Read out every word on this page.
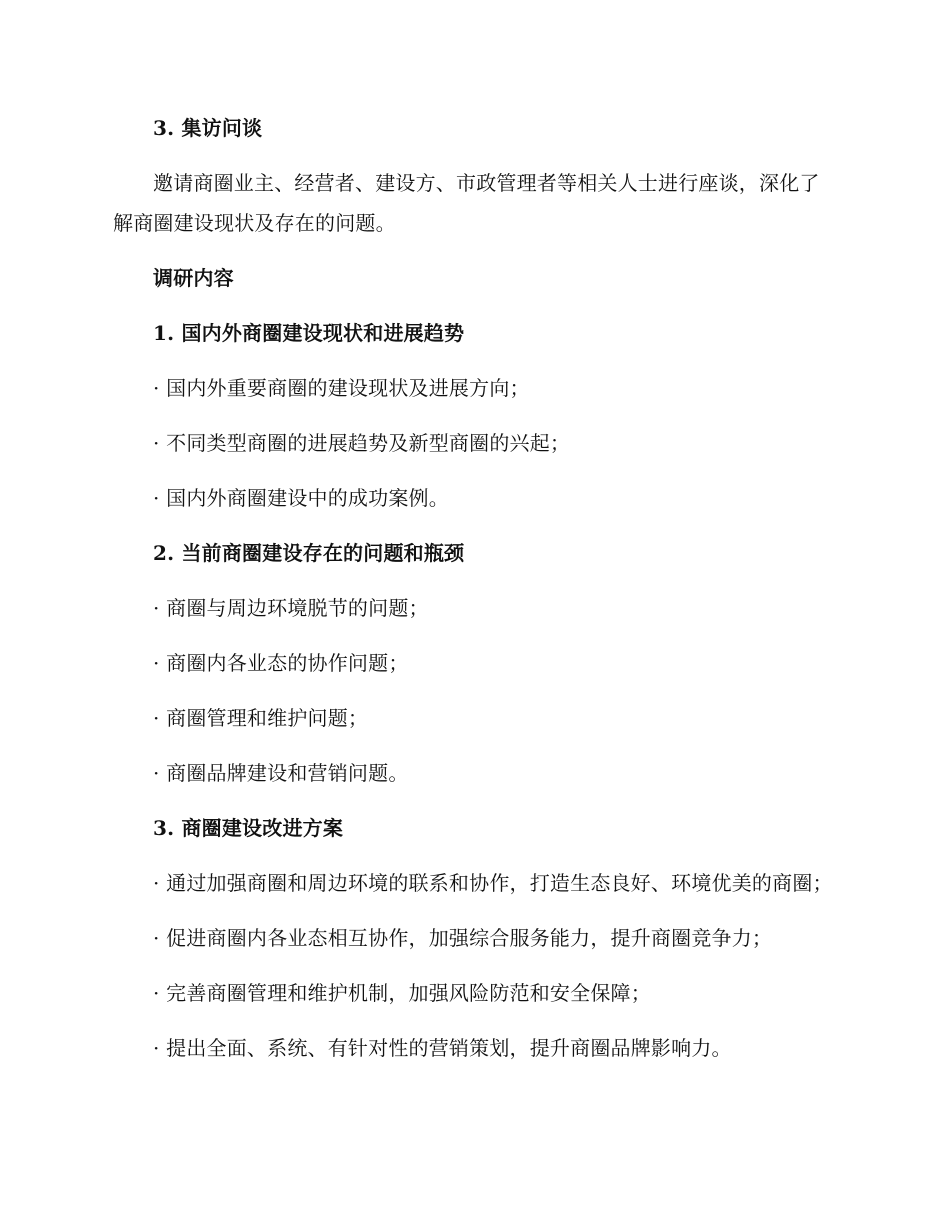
3. 集访问谈

邀请商圈业主、经营者、建设方、市政管理者等相关人士进行座谈，深化了解商圈建设现状及存在的问题。

调研内容

1. 国内外商圈建设现状和进展趋势

· 国内外重要商圈的建设现状及进展方向；

· 不同类型商圈的进展趋势及新型商圈的兴起；

· 国内外商圈建设中的成功案例。

2. 当前商圈建设存在的问题和瓶颈

· 商圈与周边环境脱节的问题；

· 商圈内各业态的协作问题；

· 商圈管理和维护问题；

· 商圈品牌建设和营销问题。

3. 商圈建设改进方案

· 通过加强商圈和周边环境的联系和协作，打造生态良好、环境优美的商圈；

· 促进商圈内各业态相互协作，加强综合服务能力，提升商圈竞争力；

· 完善商圈管理和维护机制，加强风险防范和安全保障；

· 提出全面、系统、有针对性的营销策划，提升商圈品牌影响力。
